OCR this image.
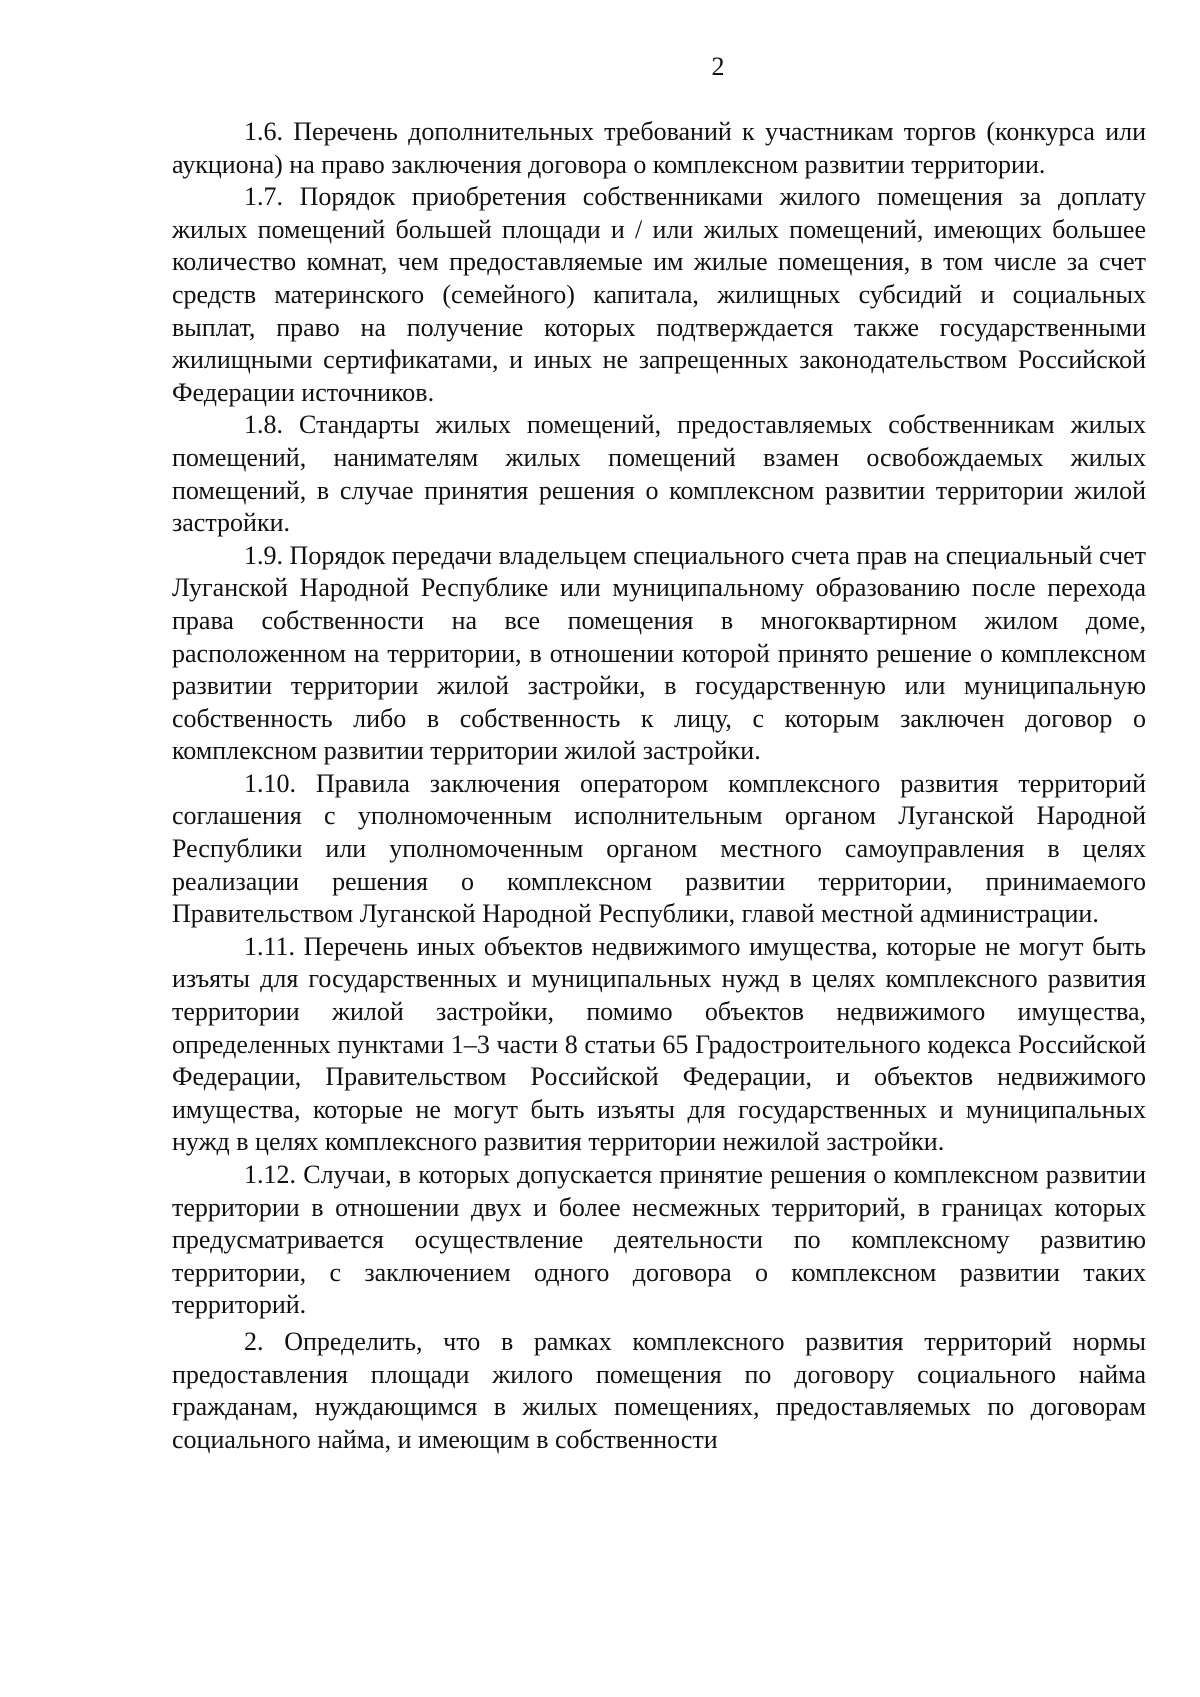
2

1.6. Перечень дополнительных требований к участникам торгов (конкурса или аукциона) на право заключения договора о комплексном развитии территории.

1.7. Порядок приобретения собственниками жилого помещения за доплату жилых помещений большей площади и / или жилых помещений, имеющих большее количество комнат, чем предоставляемые им жилые помещения, в том числе за счет средств материнского (семейного) капитала, жилищных субсидий и социальных выплат, право на получение которых подтверждается также государственными жилищными сертификатами, и иных не запрещенных законодательством Российской Федерации источников.

1.8. Стандарты жилых помещений, предоставляемых собственникам жилых помещений, нанимателям жилых помещений взамен освобождаемых жилых помещений, в случае принятия решения о комплексном развитии территории жилой застройки.

1.9. Порядок передачи владельцем специального счета прав на специальный счет Луганской Народной Республике или муниципальному образованию после перехода права собственности на все помещения в многоквартирном жилом доме, расположенном на территории, в отношении которой принято решение о комплексном развитии территории жилой застройки, в государственную или муниципальную собственность либо в собственность к лицу, с которым заключен договор о комплексном развитии территории жилой застройки.

1.10. Правила заключения оператором комплексного развития территорий соглашения с уполномоченным исполнительным органом Луганской Народной Республики или уполномоченным органом местного самоуправления в целях реализации решения о комплексном развитии территории, принимаемого Правительством Луганской Народной Республики, главой местной администрации.

1.11. Перечень иных объектов недвижимого имущества, которые не могут быть изъяты для государственных и муниципальных нужд в целях комплексного развития территории жилой застройки, помимо объектов недвижимого имущества, определенных пунктами 1–3 части 8 статьи 65 Градостроительного кодекса Российской Федерации, Правительством Российской Федерации, и объектов недвижимого имущества, которые не могут быть изъяты для государственных и муниципальных нужд в целях комплексного развития территории нежилой застройки.

1.12. Случаи, в которых допускается принятие решения о комплексном развитии территории в отношении двух и более несмежных территорий, в границах которых предусматривается осуществление деятельности по комплексному развитию территории, с заключением одного договора о комплексном развитии таких территорий.

2. Определить, что в рамках комплексного развития территорий нормы предоставления площади жилого помещения по договору социального найма гражданам, нуждающимся в жилых помещениях, предоставляемых по договорам социального найма, и имеющим в собственности
